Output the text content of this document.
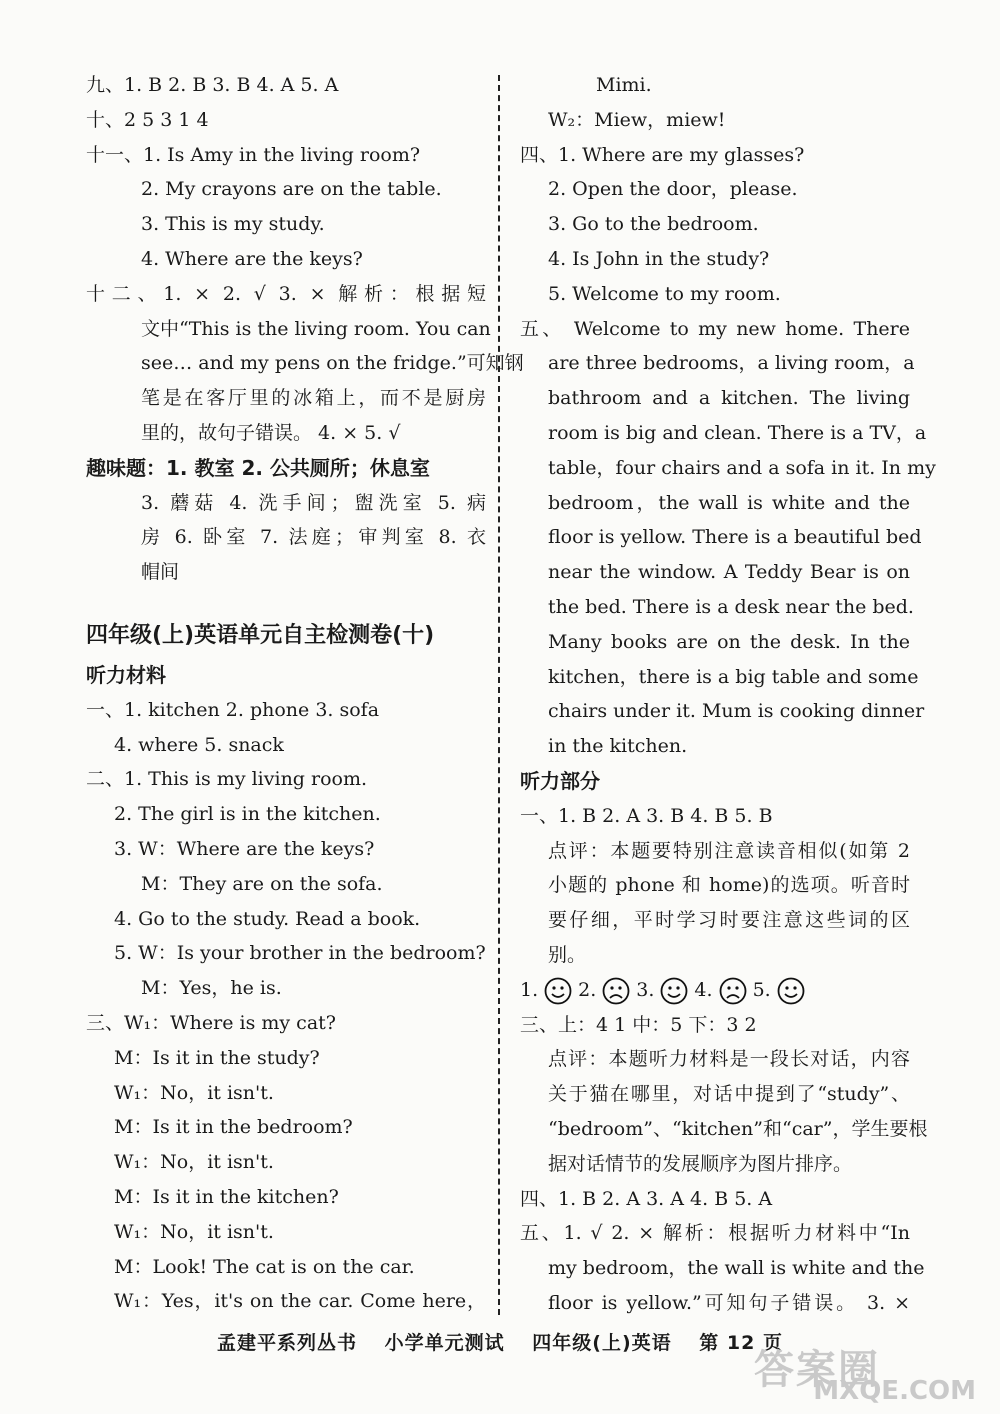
九、1. B 2. B 3. B 4. A 5. A
十、2 5 3 1 4
十一、1. Is Amy in the living room?
2. My crayons are on the table.
3. This is my study.
4. Where are the keys?
十二、1. × 2. √ 3. × 解析：根据短
文中“This is the living room. You can
see… and my pens on the fridge.”可知钢
笔是在客厅里的冰箱上，而不是厨房
里的，故句子错误。 4. × 5. √
趣味题：1. 教室 2. 公共厕所；休息室
3. 蘑菇 4. 洗手间；盥洗室 5. 病
房 6. 卧室 7. 法庭；审判室 8. 衣
帽间
四年级(上)英语单元自主检测卷(十)
听力材料
一、1. kitchen 2. phone 3. sofa
4. where 5. snack
二、1. This is my living room.
2. The girl is in the kitchen.
3. W：Where are the keys?
M：They are on the sofa.
4. Go to the study. Read a book.
5. W：Is your brother in the bedroom?
M：Yes，he is.
三、W₁：Where is my cat?
M：Is it in the study?
W₁：No，it isn't.
M：Is it in the bedroom?
W₁：No，it isn't.
M：Is it in the kitchen?
W₁：No，it isn't.
M：Look! The cat is on the car.
W₁：Yes，it's on the car. Come here，
Mimi.
W₂：Miew，miew!
四、1. Where are my glasses?
2. Open the door，please.
3. Go to the bedroom.
4. Is John in the study?
5. Welcome to my room.
五、 Welcome to my new home. There
are three bedrooms，a living room，a
bathroom and a kitchen. The living
room is big and clean. There is a TV，a
table，four chairs and a sofa in it. In my
bedroom，the wall is white and the
floor is yellow. There is a beautiful bed
near the window. A Teddy Bear is on
the bed. There is a desk near the bed.
Many books are on the desk. In the
kitchen，there is a big table and some
chairs under it. Mum is cooking dinner
in the kitchen.
听力部分
一、1. B 2. A 3. B 4. B 5. B
点评：本题要特别注意读音相似(如第 2
小题的 phone 和 home)的选项。听音时
要仔细，平时学习时要注意这些词的区
别。
1. 2. 3. 4. 5.
三、上：4 1 中：5 下：3 2
点评：本题听力材料是一段长对话，内容
关于猫在哪里，对话中提到了“study”、
“bedroom”、“kitchen”和“car”，学生要根
据对话情节的发展顺序为图片排序。
四、1. B 2. A 3. A 4. B 5. A
五、1. √ 2. × 解析：根据听力材料中“In
my bedroom，the wall is white and the
floor is yellow.”可知句子错误。 3. ×
孟建平系列丛书 小学单元测试 四年级(上)英语 第 12 页
答案圈
MXQE.COM
